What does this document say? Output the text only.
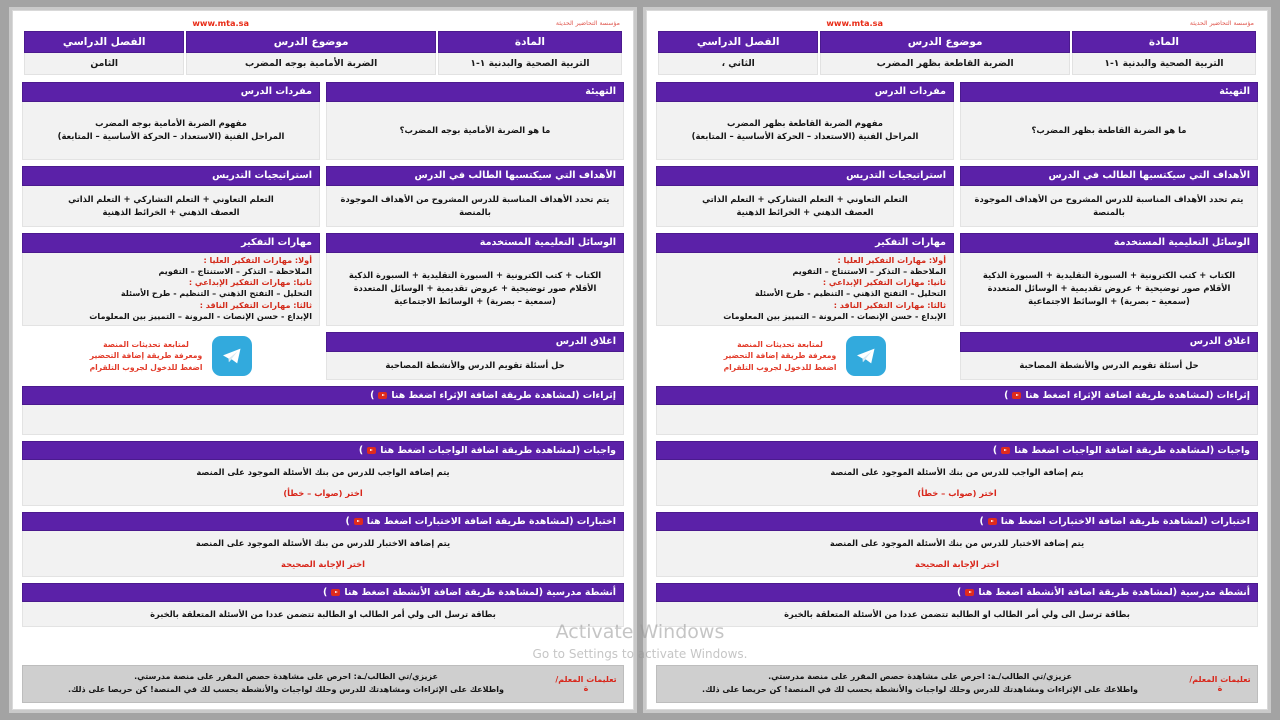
مؤسسة التحاضير الحديثة
www.mta.sa
المادة	موضوع الدرس	الفصل الدراسي
التربية الصحية والبدنية ١-١	الضربة القاطعة بظهر المضرب	الثاني ،
التهيئة
ما هو الضربة القاطعة بظهر المضرب؟
مفردات الدرس
مفهوم الضربة القاطعة بظهر المضرب
المراحل الفنية (الاستعداد – الحركة الأساسية – المتابعة)
الأهداف التي سيكتسبها الطالب في الدرس
يتم تحدد الأهداف المناسبة للدرس المشروح من الأهداف الموجودة بالمنصة
استراتيجيات التدريس
التعلم التعاوني + التعلم التشاركي + التعلم الذاتي
العصف الذهني + الخرائط الذهنية
الوسائل التعليمية المستخدمة
الكتاب + كتب الكترونية + السبورة التقليدية + السبورة الذكية
الأقلام صور توضيحية + عروض تقديمية + الوسائل المتعددة
(سمعية – بصرية) + الوسائط الاجتماعية
مهارات التفكير
أولا: مهارات التفكير العليا :
الملاحظة – التذكر – الاستنتاج – التقويم
ثانيا: مهارات التفكير الإبداعي :
التحليل – التفتح الذهني – التنظيم - طرح الأسئلة
ثالثا: مهارات التفكير الناقد :
الإبداع - حسن الإنصات - المرونة – التمييز بين المعلومات
اغلاق الدرس
حل أسئلة تقويم الدرس والأنشطة المصاحبة
لمتابعة تحديثات المنصة
ومعرفة طريقة إضافة التحضير
اضغط للدخول لجروب التلقرام
إثراءات (لمشاهدة طريقة اضافة الإثراء اضغط هنا
)
واجبات (لمشاهدة طريقة اضافة الواجبات اضغط هنا
)
يتم إضافة الواجب للدرس من بنك الأسئلة الموجود على المنصة
اختر (صواب – خطأ)
اختبارات (لمشاهدة طريقة اضافة الاختبارات اضغط هنا
)
يتم إضافة الاختبار للدرس من بنك الأسئلة الموجود على المنصة
اختر الإجابة الصحيحة
أنشطة مدرسية (لمشاهدة طريقة اضافة الأنشطة اضغط هنا
)
بطاقة ترسل الى ولي أمر الطالب او الطالبة تتضمن عددا من الأسئلة المتعلقة بالخبرة
تعليمات المعلم/ة
عزيزي/تي الطالب/ـة: احرص على مشاهدة حصص المقرر على منصة مدرستي.
واطلاعك على الإثراءات ومشاهدتك للدرس وحلك لواجبات والأنشطة بحسب لك في المنصة! كن حريصا على ذلك.
مؤسسة التحاضير الحديثة
www.mta.sa
المادة	موضوع الدرس	الفصل الدراسي
التربية الصحية والبدنية ١-١	الضربة الأمامية بوجه المضرب	الثامن
التهيئة
ما هو الضربة الأمامية بوجه المضرب؟
مفردات الدرس
مفهوم الضربة الأمامية بوجه المضرب
المراحل الفنية (الاستعداد – الحركة الأساسية – المتابعة)
الأهداف التي سيكتسبها الطالب في الدرس
يتم تحدد الأهداف المناسبة للدرس المشروح من الأهداف الموجودة بالمنصة
استراتيجيات التدريس
التعلم التعاوني + التعلم التشاركي + التعلم الذاتي
العصف الذهني + الخرائط الذهنية
الوسائل التعليمية المستخدمة
الكتاب + كتب الكترونية + السبورة التقليدية + السبورة الذكية
الأقلام صور توضيحية + عروض تقديمية + الوسائل المتعددة
(سمعية – بصرية) + الوسائط الاجتماعية
مهارات التفكير
أولا: مهارات التفكير العليا :
الملاحظة – التذكر – الاستنتاج – التقويم
ثانيا: مهارات التفكير الإبداعي :
التحليل – التفتح الذهني – التنظيم - طرح الأسئلة
ثالثا: مهارات التفكير الناقد :
الإبداع - حسن الإنصات - المرونة – التمييز بين المعلومات
اغلاق الدرس
حل أسئلة تقويم الدرس والأنشطة المصاحبة
لمتابعة تحديثات المنصة
ومعرفة طريقة إضافة التحضير
اضغط للدخول لجروب التلقرام
إثراءات (لمشاهدة طريقة اضافة الإثراء اضغط هنا
)
واجبات (لمشاهدة طريقة اضافة الواجبات اضغط هنا
)
يتم إضافة الواجب للدرس من بنك الأسئلة الموجود على المنصة
اختر (صواب – خطأ)
اختبارات (لمشاهدة طريقة اضافة الاختبارات اضغط هنا
)
يتم إضافة الاختبار للدرس من بنك الأسئلة الموجود على المنصة
اختر الإجابة الصحيحة
أنشطة مدرسية (لمشاهدة طريقة اضافة الأنشطة اضغط هنا
)
بطاقة ترسل الى ولي أمر الطالب او الطالبة تتضمن عددا من الأسئلة المتعلقة بالخبرة
تعليمات المعلم/ة
عزيزي/تي الطالب/ـة: احرص على مشاهدة حصص المقرر على منصة مدرستي.
واطلاعك على الإثراءات ومشاهدتك للدرس وحلك لواجبات والأنشطة بحسب لك في المنصة! كن حريصا على ذلك.
Activate Windows
Go to Settings to activate Windows.
